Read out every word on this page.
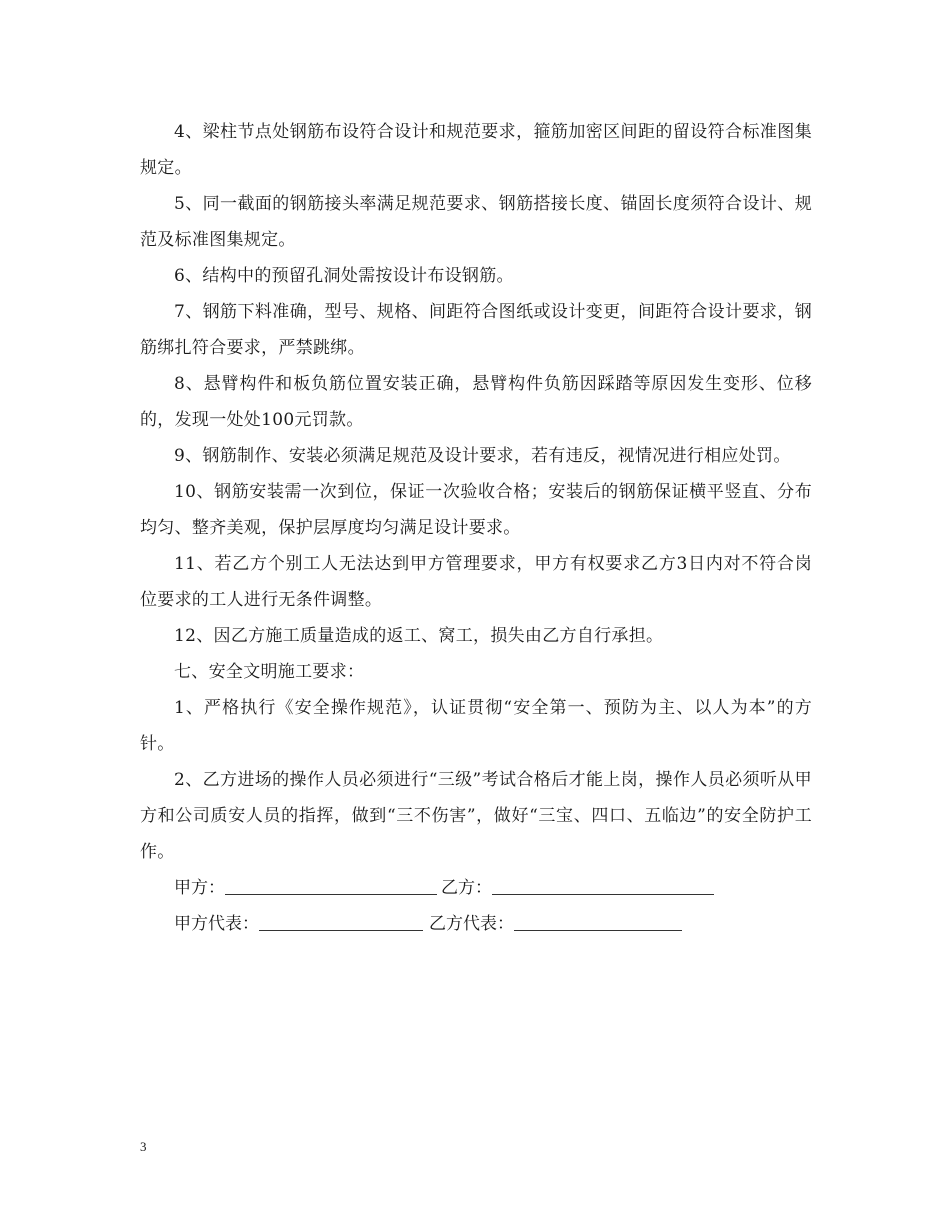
4、梁柱节点处钢筋布设符合设计和规范要求，箍筋加密区间距的留设符合标准图集规定。

5、同一截面的钢筋接头率满足规范要求、钢筋搭接长度、锚固长度须符合设计、规范及标准图集规定。

6、结构中的预留孔洞处需按设计布设钢筋。

7、钢筋下料准确，型号、规格、间距符合图纸或设计变更，间距符合设计要求，钢筋绑扎符合要求，严禁跳绑。

8、悬臂构件和板负筋位置安装正确，悬臂构件负筋因踩踏等原因发生变形、位移的，发现一处处100元罚款。

9、钢筋制作、安装必须满足规范及设计要求，若有违反，视情况进行相应处罚。

10、钢筋安装需一次到位，保证一次验收合格；安装后的钢筋保证横平竖直、分布均匀、整齐美观，保护层厚度均匀满足设计要求。

11、若乙方个别工人无法达到甲方管理要求，甲方有权要求乙方3日内对不符合岗位要求的工人进行无条件调整。

12、因乙方施工质量造成的返工、窝工，损失由乙方自行承担。

七、安全文明施工要求：

1、严格执行《安全操作规范》，认证贯彻“安全第一、预防为主、以人为本”的方针。

2、乙方进场的操作人员必须进行“三级”考试合格后才能上岗，操作人员必须听从甲方和公司质安人员的指挥，做到“三不伤害”，做好“三宝、四口、五临边”的安全防护工作。

甲方：	乙方：
甲方代表：	乙方代表：
3
